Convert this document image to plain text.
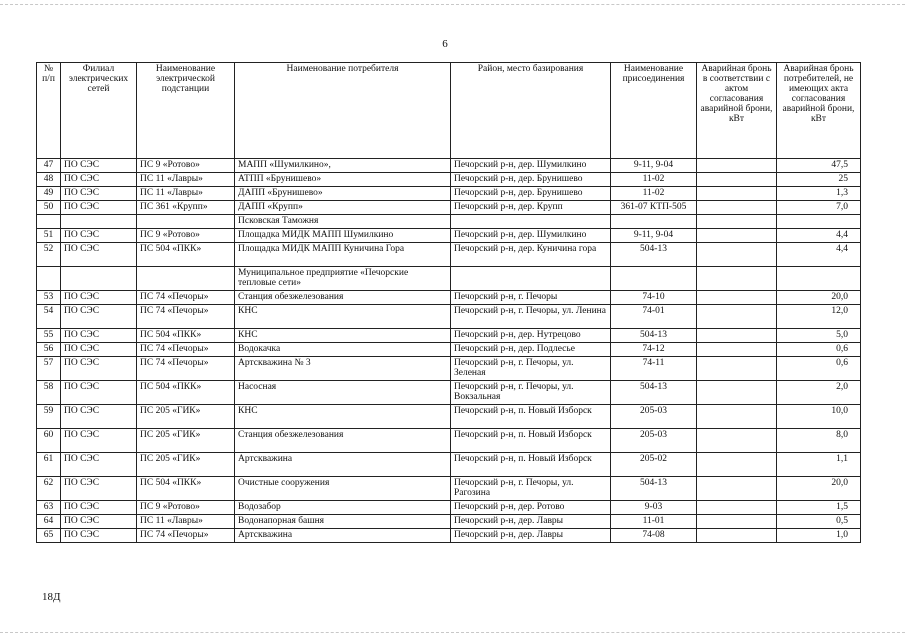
6
№ п/п	Филиал электрических сетей	Наименование электрической подстанции	Наименование потребителя	Район, место базирования	Наименование присоединения	Аварийная бронь в соответствии с актом согласования аварийной брони, кВт	Аварийная бронь потребителей, не имеющих акта согласования аварийной брони, кВт
47	ПО СЭС	ПС 9 «Ротово»	МАПП «Шумилкино»,	Печорский р-н, дер. Шумилкино	9-11, 9-04		47,5
48	ПО СЭС	ПС 11 «Лавры»	АТПП «Брунишево»	Печорский р-н, дер. Брунишево	11-02		25
49	ПО СЭС	ПС 11 «Лавры»	ДАПП «Брунишево»	Печорский р-н, дер. Брунишево	11-02		1,3
50	ПО СЭС	ПС 361 «Крупп»	ДАПП «Крупп»	Печорский р-н, дер. Крупп	361-07 КТП-505		7,0
			Псковская Таможня				
51	ПО СЭС	ПС 9 «Ротово»	Площадка МИДК МАПП Шумилкино	Печорский р-н, дер. Шумилкино	9-11, 9-04		4,4
52	ПО СЭС	ПС 504 «ПКК»	Площадка МИДК МАПП Куничина Гора	Печорский р-н, дер. Куничина гора	504-13		4,4
			Муниципальное предприятие «Печорские тепловые сети»				
53	ПО СЭС	ПС 74 «Печоры»	Станция обезжелезования	Печорский р-н, г. Печоры	74-10		20,0
54	ПО СЭС	ПС 74 «Печоры»	КНС	Печорский р-н, г. Печоры, ул. Ленина	74-01		12,0
55	ПО СЭС	ПС 504 «ПКК»	КНС	Печорский р-н, дер. Нутрецово	504-13		5,0
56	ПО СЭС	ПС 74 «Печоры»	Водокачка	Печорский р-н, дер. Подлесье	74-12		0,6
57	ПО СЭС	ПС 74 «Печоры»	Артскважина № 3	Печорский р-н, г. Печоры, ул. Зеленая	74-11		0,6
58	ПО СЭС	ПС 504 «ПКК»	Насосная	Печорский р-н, г. Печоры, ул. Вокзальная	504-13		2,0
59	ПО СЭС	ПС 205 «ГИК»	КНС	Печорский р-н, п. Новый Изборск	205-03		10,0
60	ПО СЭС	ПС 205 «ГИК»	Станция обезжелезования	Печорский р-н, п. Новый Изборск	205-03		8,0
61	ПО СЭС	ПС 205 «ГИК»	Артскважина	Печорский р-н, п. Новый Изборск	205-02		1,1
62	ПО СЭС	ПС 504 «ПКК»	Очистные сооружения	Печорский р-н, г. Печоры, ул. Рагозина	504-13		20,0
63	ПО СЭС	ПС 9 «Ротово»	Водозабор	Печорский р-н, дер. Ротово	9-03		1,5
64	ПО СЭС	ПС 11 «Лавры»	Водонапорная башня	Печорский р-н, дер. Лавры	11-01		0,5
65	ПО СЭС	ПС 74 «Печоры»	Артскважина	Печорский р-н, дер. Лавры	74-08		1,0
18Д
